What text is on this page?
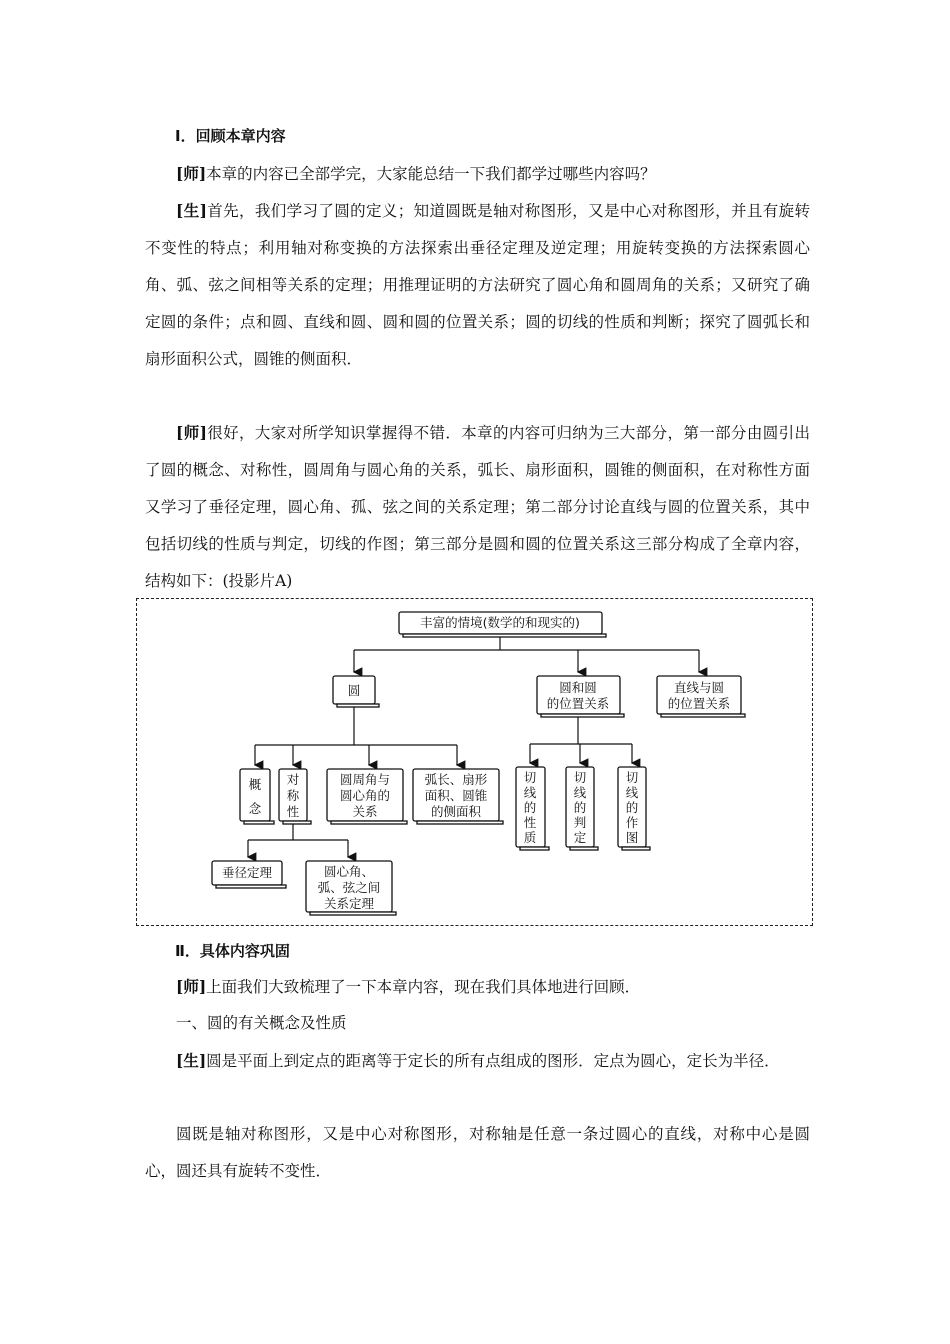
Ⅰ．回顾本章内容

[师]本章的内容已全部学完，大家能总结一下我们都学过哪些内容吗？

[生]首先，我们学习了圆的定义；知道圆既是轴对称图形，又是中心对称图形，并且有旋转不变性的特点；利用轴对称变换的方法探索出垂径定理及逆定理；用旋转变换的方法探索圆心角、弧、弦之间相等关系的定理；用推理证明的方法研究了圆心角和圆周角的关系；又研究了确定圆的条件；点和圆、直线和圆、圆和圆的位置关系；圆的切线的性质和判断；探究了圆弧长和扇形面积公式，圆锥的侧面积．

[师]很好，大家对所学知识掌握得不错．本章的内容可归纳为三大部分，第一部分由圆引出了圆的概念、对称性，圆周角与圆心角的关系，弧长、扇形面积，圆锥的侧面积，在对称性方面又学习了垂径定理，圆心角、孤、弦之间的关系定理；第二部分讨论直线与圆的位置关系，其中包括切线的性质与判定，切线的作图；第三部分是圆和圆的位置关系这三部分构成了全章内容，结构如下：(投影片A)

丰富的情境(数学的和现实的)
圆	圆和圆
的位置关系
直线与圆
的位置关系
概
念
对
称
性
圆周角与
圆心角的
关系
弧长、扇形
面积、圆锥
的侧面积
切
线
的
性
质
切
线
的
判
定
切
线
的
作
图
垂径定理	圆心角、
弧、弦之间
关系定理

Ⅱ．具体内容巩固

[师]上面我们大致梳理了一下本章内容，现在我们具体地进行回顾．

一、圆的有关概念及性质

[生]圆是平面上到定点的距离等于定长的所有点组成的图形．定点为圆心，定长为半径．

圆既是轴对称图形，又是中心对称图形，对称轴是任意一条过圆心的直线，对称中心是圆心，圆还具有旋转不变性．
